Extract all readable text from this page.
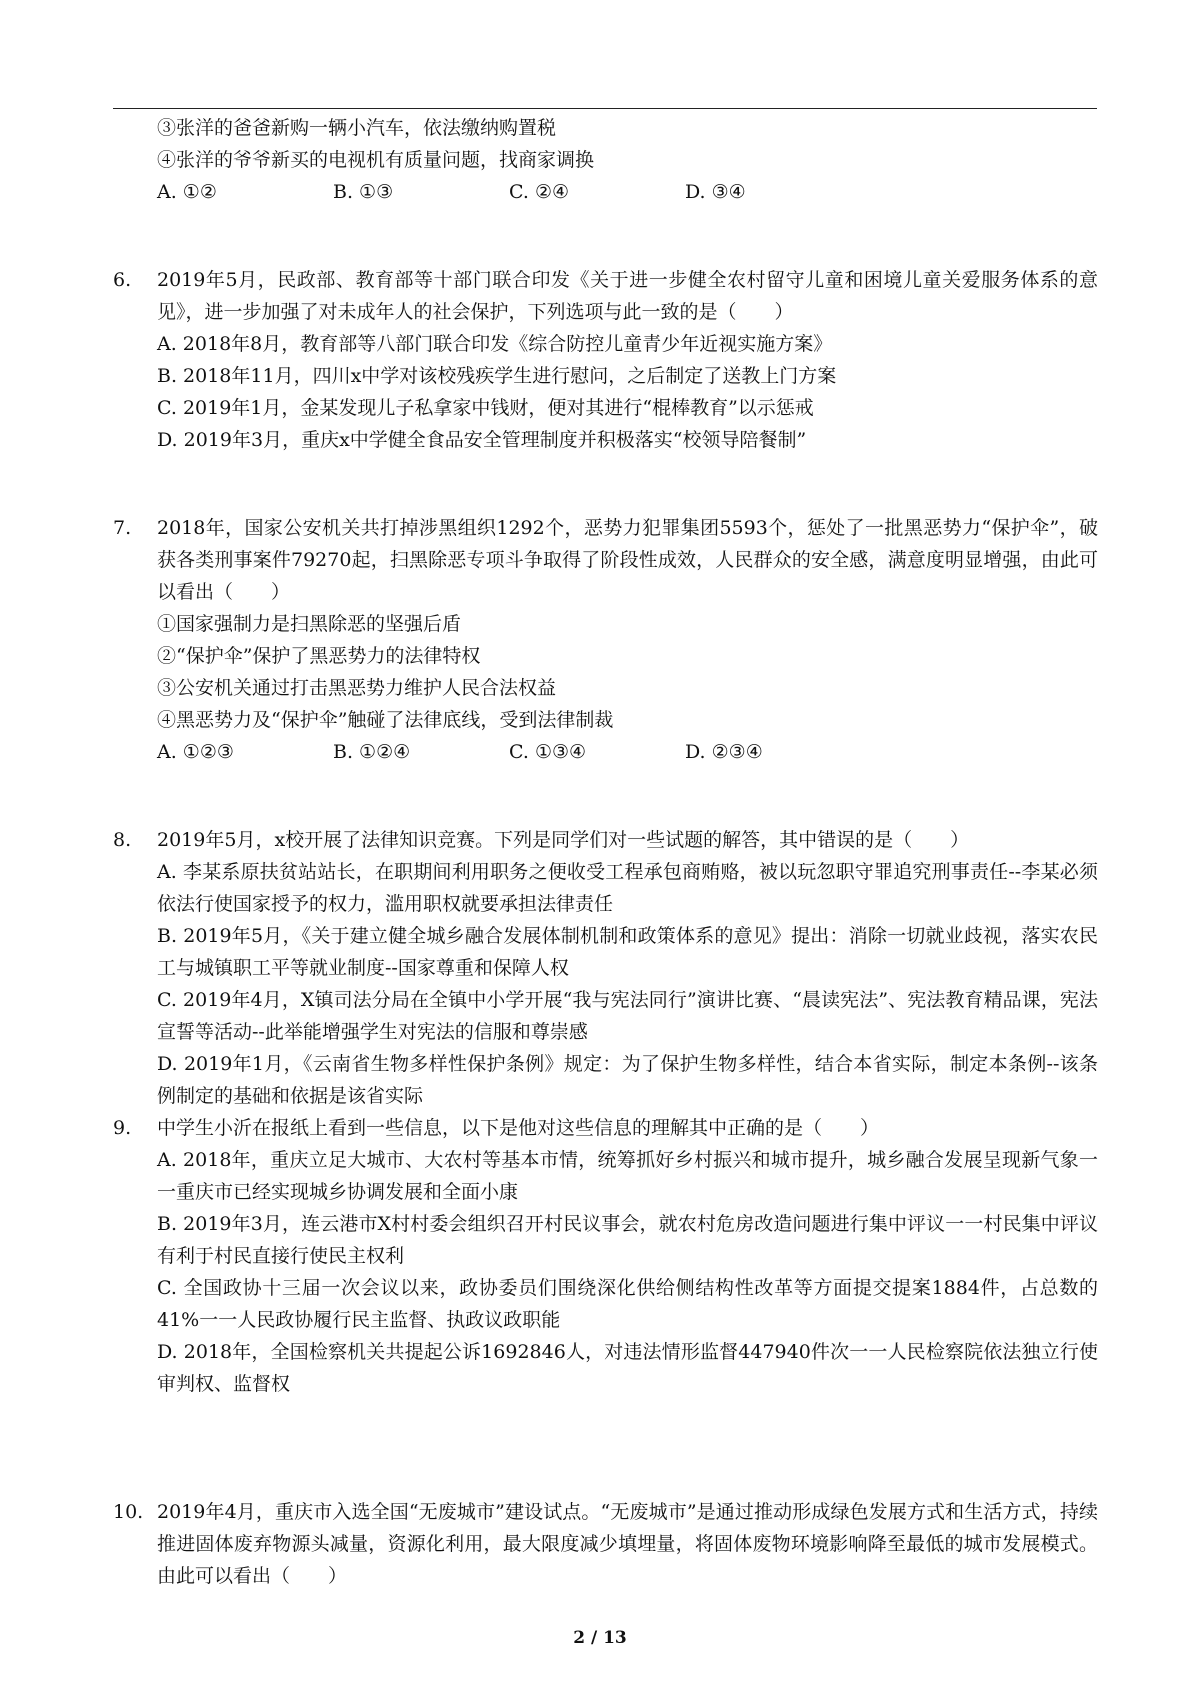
③张洋的爸爸新购一辆小汽车，依法缴纳购置税
④张洋的爷爷新买的电视机有质量问题，找商家调换
A. ①②	B. ①③	C. ②④	D. ③④
6. 2019年5月，民政部、教育部等十部门联合印发《关于进一步健全农村留守儿童和困境儿童关爱服务体系的意见》，进一步加强了对未成年人的社会保护，下列选项与此一致的是（　　）
A. 2018年8月，教育部等八部门联合印发《综合防控儿童青少年近视实施方案》
B. 2018年11月，四川x中学对该校残疾学生进行慰问，之后制定了送教上门方案
C. 2019年1月，金某发现儿子私拿家中钱财，便对其进行“棍棒教育”以示惩戒
D. 2019年3月，重庆x中学健全食品安全管理制度并积极落实“校领导陪餐制”
7. 2018年，国家公安机关共打掉涉黑组织1292个，恶势力犯罪集团5593个，惩处了一批黑恶势力“保护伞”，破获各类刑事案件79270起，扫黑除恶专项斗争取得了阶段性成效，人民群众的安全感，满意度明显增强，由此可以看出（　　）
①国家强制力是扫黑除恶的坚强后盾
②“保护伞”保护了黑恶势力的法律特权
③公安机关通过打击黑恶势力维护人民合法权益
④黑恶势力及“保护伞”触碰了法律底线，受到法律制裁
A. ①②③	B. ①②④	C. ①③④	D. ②③④
8. 2019年5月，x校开展了法律知识竞赛。下列是同学们对一些试题的解答，其中错误的是（　　）
A. 李某系原扶贫站站长，在职期间利用职务之便收受工程承包商贿赂，被以玩忽职守罪追究刑事责任--李某必须依法行使国家授予的权力，滥用职权就要承担法律责任
B. 2019年5月，《关于建立健全城乡融合发展体制机制和政策体系的意见》提出：消除一切就业歧视，落实农民工与城镇职工平等就业制度--国家尊重和保障人权
C. 2019年4月，X镇司法分局在全镇中小学开展“我与宪法同行”演讲比赛、“晨读宪法”、宪法教育精品课，宪法宣誓等活动--此举能增强学生对宪法的信服和尊崇感
D. 2019年1月，《云南省生物多样性保护条例》规定：为了保护生物多样性，结合本省实际，制定本条例--该条例制定的基础和依据是该省实际
9. 中学生小沂在报纸上看到一些信息，以下是他对这些信息的理解其中正确的是（　　）
A. 2018年，重庆立足大城市、大农村等基本市情，统筹抓好乡村振兴和城市提升，城乡融合发展呈现新气象一一重庆市已经实现城乡协调发展和全面小康
B. 2019年3月，连云港市X村村委会组织召开村民议事会，就农村危房改造问题进行集中评议一一村民集中评议有利于村民直接行使民主权利
C. 全国政协十三届一次会议以来，政协委员们围绕深化供给侧结构性改革等方面提交提案1884件，占总数的41%一一人民政协履行民主监督、执政议政职能
D. 2018年，全国检察机关共提起公诉1692846人，对违法情形监督447940件次一一人民检察院依法独立行使审判权、监督权
10. 2019年4月，重庆市入选全国“无废城市”建设试点。“无废城市”是通过推动形成绿色发展方式和生活方式，持续推进固体废弃物源头减量，资源化利用，最大限度减少填埋量，将固体废物环境影响降至最低的城市发展模式。由此可以看出（　　）
2 / 13
